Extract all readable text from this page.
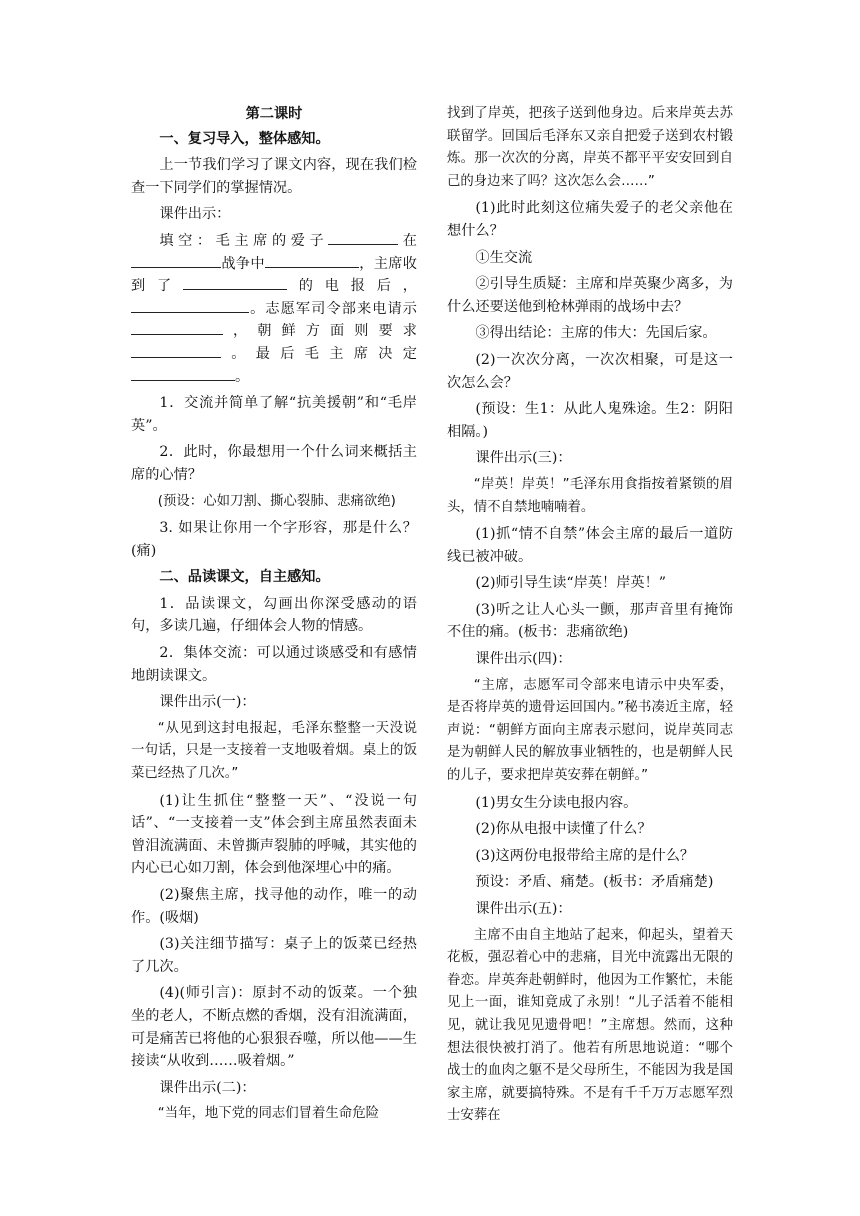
第二课时

一、复习导入，整体感知。

上一节我们学习了课文内容，现在我们检查一下同学们的掌握情况。

课件出示：

填空：毛主席的爱子	在战争中	，主席收到了	的电报后，。志愿军司令部来电请示，朝鲜方面则要求。最后毛主席决定。

1．交流并简单了解“抗美援朝”和“毛岸英”。

2．此时，你最想用一个什么词来概括主席的心情？

(预设：心如刀割、撕心裂肺、悲痛欲绝)

3. 如果让你用一个字形容，那是什么？(痛)

二、品读课文，自主感知。

1．品读课文，勾画出你深受感动的语句，多读几遍，仔细体会人物的情感。

2．集体交流：可以通过谈感受和有感情地朗读课文。

课件出示(一)：

“从见到这封电报起，毛泽东整整一天没说一句话，只是一支接着一支地吸着烟。桌上的饭菜已经热了几次。”

(1)让生抓住“整整一天”、“没说一句话”、“一支接着一支”体会到主席虽然表面未曾泪流满面、未曾撕声裂肺的呼喊，其实他的内心已心如刀割，体会到他深埋心中的痛。

(2)聚焦主席，找寻他的动作，唯一的动作。(吸烟)

(3)关注细节描写：桌子上的饭菜已经热了几次。

(4)(师引言)：原封不动的饭菜。一个独坐的老人，不断点燃的香烟，没有泪流满面，可是痛苦已将他的心狠狠吞噬，所以他——生接读“从收到……吸着烟。”

课件出示(二)：

“当年，地下党的同志们冒着生命危险

找到了岸英，把孩子送到他身边。后来岸英去苏联留学。回国后毛泽东又亲自把爱子送到农村锻炼。那一次次的分离，岸英不都平平安安回到自己的身边来了吗？这次怎么会……”

(1)此时此刻这位痛失爱子的老父亲他在想什么？

①生交流

②引导生质疑：主席和岸英聚少离多，为什么还要送他到枪林弹雨的战场中去？

③得出结论：主席的伟大：先国后家。

(2)一次次分离，一次次相聚，可是这一次怎么会？

(预设：生1：从此人鬼殊途。生2：阴阳相隔。)

课件出示(三)：

“岸英！岸英！”毛泽东用食指按着紧锁的眉头，情不自禁地喃喃着。

(1)抓“情不自禁”体会主席的最后一道防线已被冲破。

(2)师引导生读“岸英！岸英！”

(3)听之让人心头一颤，那声音里有掩饰不住的痛。(板书：悲痛欲绝)

课件出示(四)：

“主席，志愿军司令部来电请示中央军委，是否将岸英的遗骨运回国内。”秘书凑近主席，轻声说：“朝鲜方面向主席表示慰问，说岸英同志是为朝鲜人民的解放事业牺牲的，也是朝鲜人民的儿子，要求把岸英安葬在朝鲜。”

(1)男女生分读电报内容。

(2)你从电报中读懂了什么？

(3)这两份电报带给主席的是什么？

预设：矛盾、痛楚。(板书：矛盾痛楚)

课件出示(五)：

主席不由自主地站了起来，仰起头，望着天花板，强忍着心中的悲痛，目光中流露出无限的眷恋。岸英奔赴朝鲜时，他因为工作繁忙，未能见上一面，谁知竟成了永别！“儿子活着不能相见，就让我见见遗骨吧！”主席想。然而，这种想法很快被打消了。他若有所思地说道：“哪个战士的血肉之躯不是父母所生，不能因为我是国家主席，就要搞特殊。不是有千千万万志愿军烈士安葬在
